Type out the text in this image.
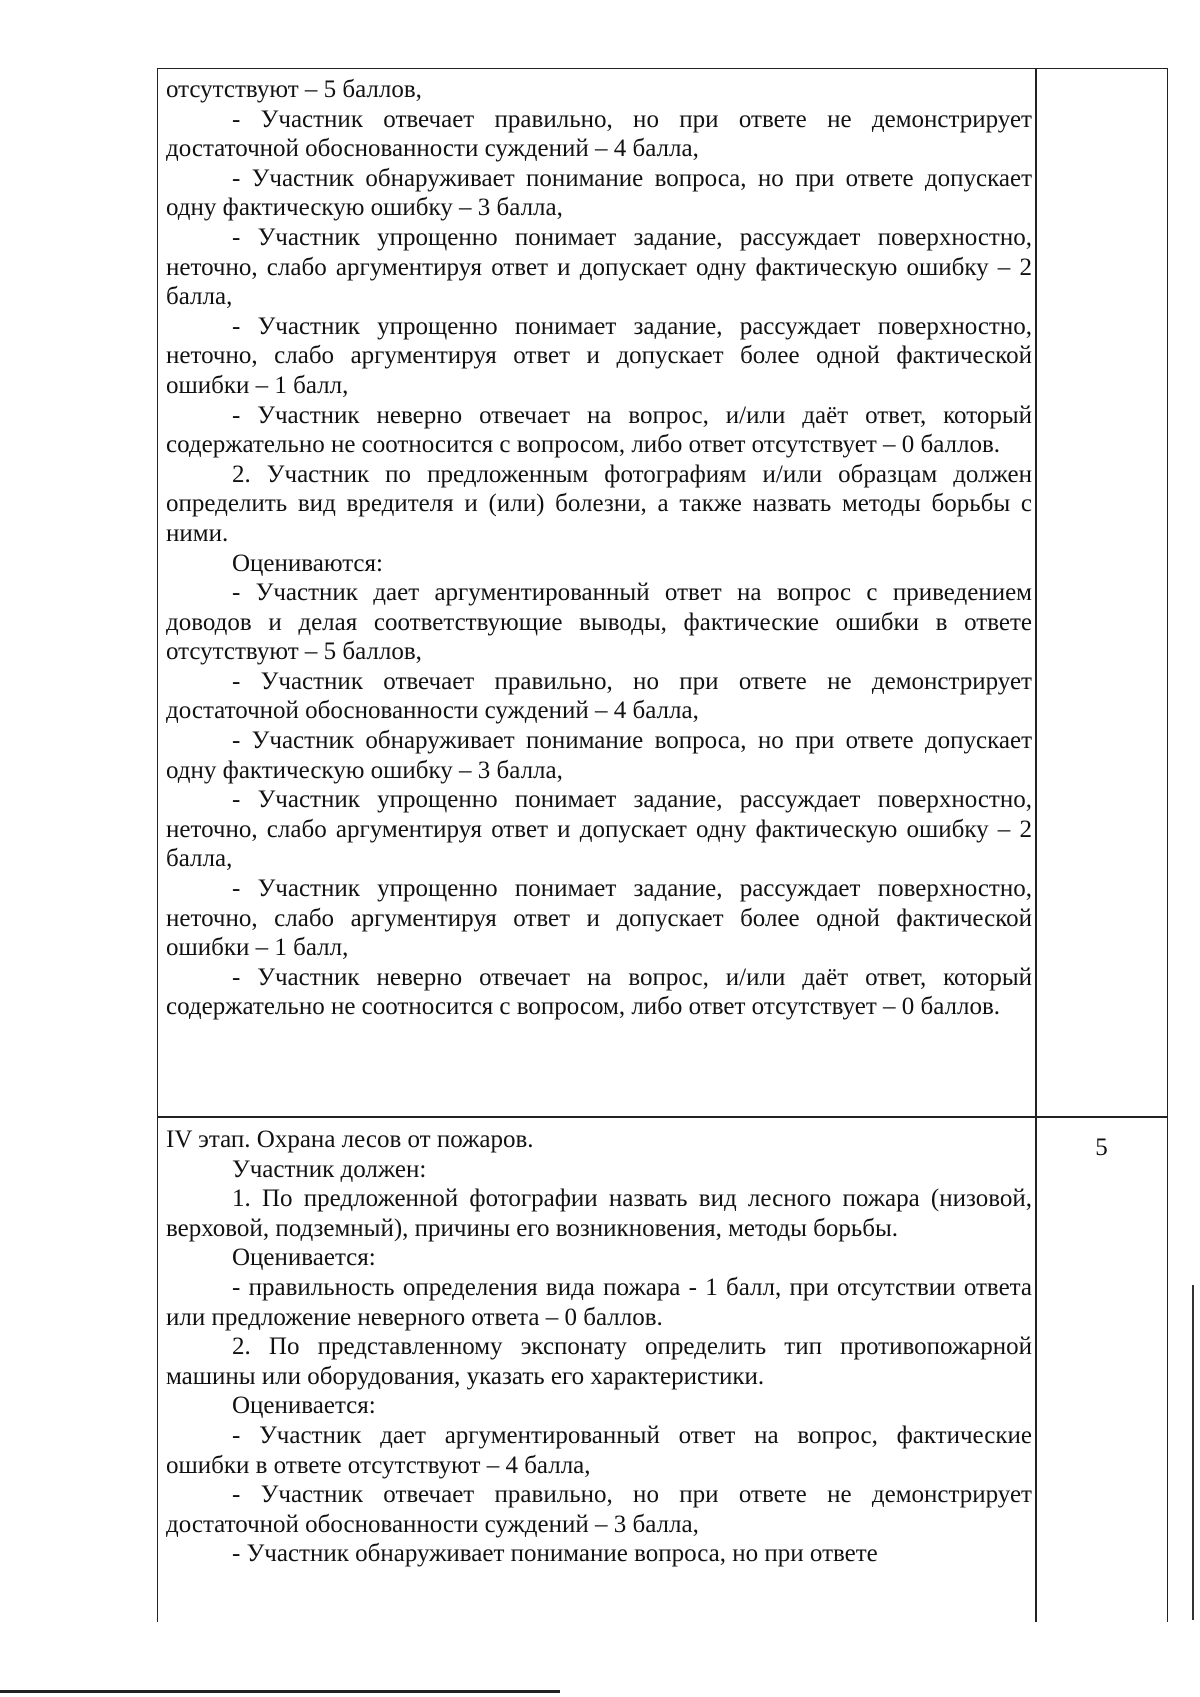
отсутствуют – 5 баллов,

- Участник отвечает правильно, но при ответе не демонстрирует достаточной обоснованности суждений – 4 балла,

- Участник обнаруживает понимание вопроса, но при ответе допускает одну фактическую ошибку – 3 балла,

- Участник упрощенно понимает задание, рассуждает поверхностно, неточно, слабо аргументируя ответ и допускает одну фактическую ошибку – 2 балла,

- Участник упрощенно понимает задание, рассуждает поверхностно, неточно, слабо аргументируя ответ и допускает более одной фактической ошибки – 1 балл,

- Участник неверно отвечает на вопрос, и/или даёт ответ, который содержательно не соотносится с вопросом, либо ответ отсутствует – 0 баллов.

2. Участник по предложенным фотографиям и/или образцам должен определить вид вредителя и (или) болезни, а также назвать методы борьбы с ними.

Оцениваются:

- Участник дает аргументированный ответ на вопрос с приведением доводов и делая соответствующие выводы, фактические ошибки в ответе отсутствуют – 5 баллов,

- Участник отвечает правильно, но при ответе не демонстрирует достаточной обоснованности суждений – 4 балла,

- Участник обнаруживает понимание вопроса, но при ответе допускает одну фактическую ошибку – 3 балла,

- Участник упрощенно понимает задание, рассуждает поверхностно, неточно, слабо аргументируя ответ и допускает одну фактическую ошибку – 2 балла,

- Участник упрощенно понимает задание, рассуждает поверхностно, неточно, слабо аргументируя ответ и допускает более одной фактической ошибки – 1 балл,

- Участник неверно отвечает на вопрос, и/или даёт ответ, который содержательно не соотносится с вопросом, либо ответ отсутствует – 0 баллов.

IV этап. Охрана лесов от пожаров.

Участник должен:

1. По предложенной фотографии назвать вид лесного пожара (низовой, верховой, подземный), причины его возникновения, методы борьбы.

Оценивается:

- правильность определения вида пожара - 1 балл, при отсутствии ответа или предложение неверного ответа – 0 баллов.

2. По представленному экспонату определить тип противопожарной машины или оборудования, указать его характеристики.

Оценивается:

- Участник дает аргументированный ответ на вопрос, фактические ошибки в ответе отсутствуют – 4 балла,

- Участник отвечает правильно, но при ответе не демонстрирует достаточной обоснованности суждений – 3 балла,

- Участник обнаруживает понимание вопроса, но при ответе

5
